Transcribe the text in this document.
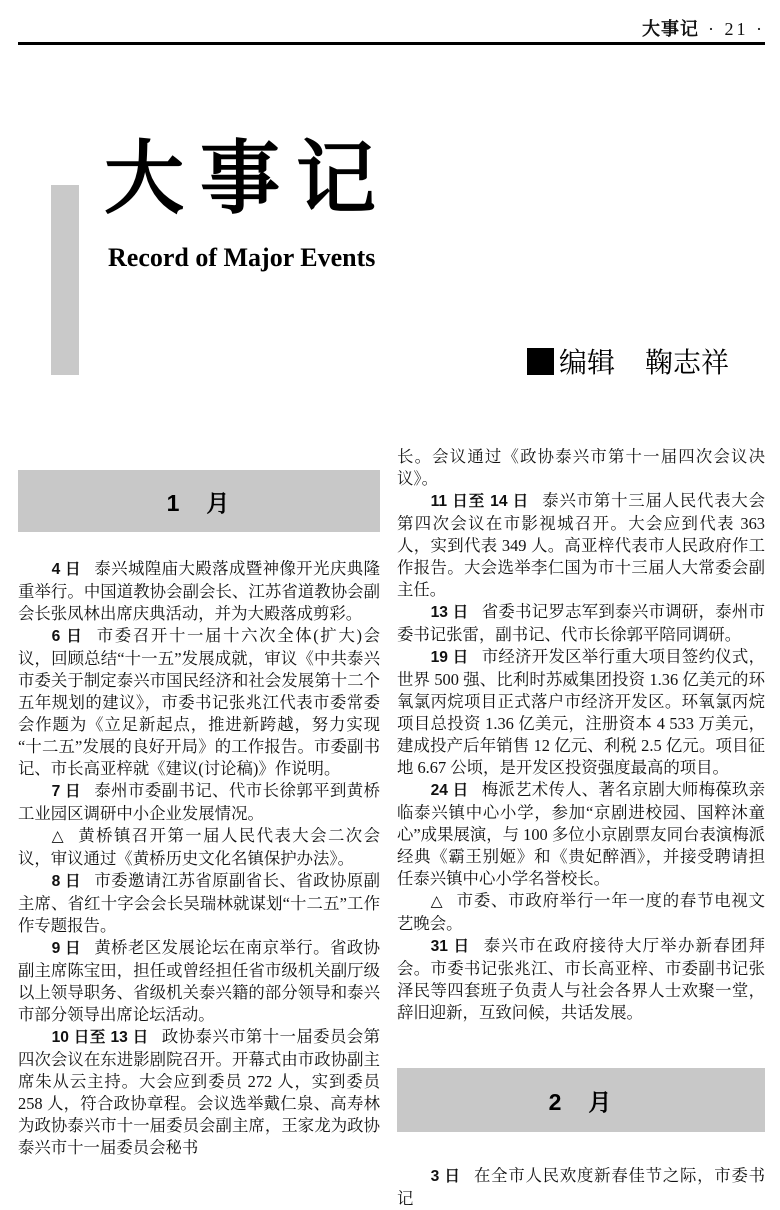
大事记 · 21 ·
大事记
Record of Major Events
编辑 鞠志祥
1　月

4 日 泰兴城隍庙大殿落成暨神像开光庆典隆重举行。中国道教协会副会长、江苏省道教协会副会长张凤林出席庆典活动，并为大殿落成剪彩。

6 日 市委召开十一届十六次全体(扩大)会议，回顾总结“十一五”发展成就，审议《中共泰兴市委关于制定泰兴市国民经济和社会发展第十二个五年规划的建议》，市委书记张兆江代表市委常委会作题为《立足新起点，推进新跨越，努力实现“十二五”发展的良好开局》的工作报告。市委副书记、市长高亚梓就《建议(讨论稿)》作说明。

7 日 泰州市委副书记、代市长徐郭平到黄桥工业园区调研中小企业发展情况。

△ 黄桥镇召开第一届人民代表大会二次会议，审议通过《黄桥历史文化名镇保护办法》。

8 日 市委邀请江苏省原副省长、省政协原副主席、省红十字会会长吴瑞林就谋划“十二五”工作作专题报告。

9 日 黄桥老区发展论坛在南京举行。省政协副主席陈宝田，担任或曾经担任省市级机关副厅级以上领导职务、省级机关泰兴籍的部分领导和泰兴市部分领导出席论坛活动。

10 日至 13 日 政协泰兴市第十一届委员会第四次会议在东进影剧院召开。开幕式由市政协副主席朱从云主持。大会应到委员 272 人，实到委员 258 人，符合政协章程。会议选举戴仁泉、高寿林为政协泰兴市十一届委员会副主席，王家龙为政协泰兴市十一届委员会秘书

长。会议通过《政协泰兴市第十一届四次会议决议》。

11 日至 14 日 泰兴市第十三届人民代表大会第四次会议在市影视城召开。大会应到代表 363 人，实到代表 349 人。高亚梓代表市人民政府作工作报告。大会选举李仁国为市十三届人大常委会副主任。

13 日 省委书记罗志军到泰兴市调研，泰州市委书记张雷，副书记、代市长徐郭平陪同调研。

19 日 市经济开发区举行重大项目签约仪式，世界 500 强、比利时苏威集团投资 1.36 亿美元的环氧氯丙烷项目正式落户市经济开发区。环氧氯丙烷项目总投资 1.36 亿美元，注册资本 4 533 万美元，建成投产后年销售 12 亿元、利税 2.5 亿元。项目征地 6.67 公顷，是开发区投资强度最高的项目。

24 日 梅派艺术传人、著名京剧大师梅葆玖亲临泰兴镇中心小学，参加“京剧进校园、国粹沐童心”成果展演，与 100 多位小京剧票友同台表演梅派经典《霸王别姬》和《贵妃醉酒》，并接受聘请担任泰兴镇中心小学名誉校长。

△ 市委、市政府举行一年一度的春节电视文艺晚会。

31 日 泰兴市在政府接待大厅举办新春团拜会。市委书记张兆江、市长高亚梓、市委副书记张泽民等四套班子负责人与社会各界人士欢聚一堂，辞旧迎新，互致问候，共话发展。

2　月

3 日 在全市人民欢度新春佳节之际，市委书记
